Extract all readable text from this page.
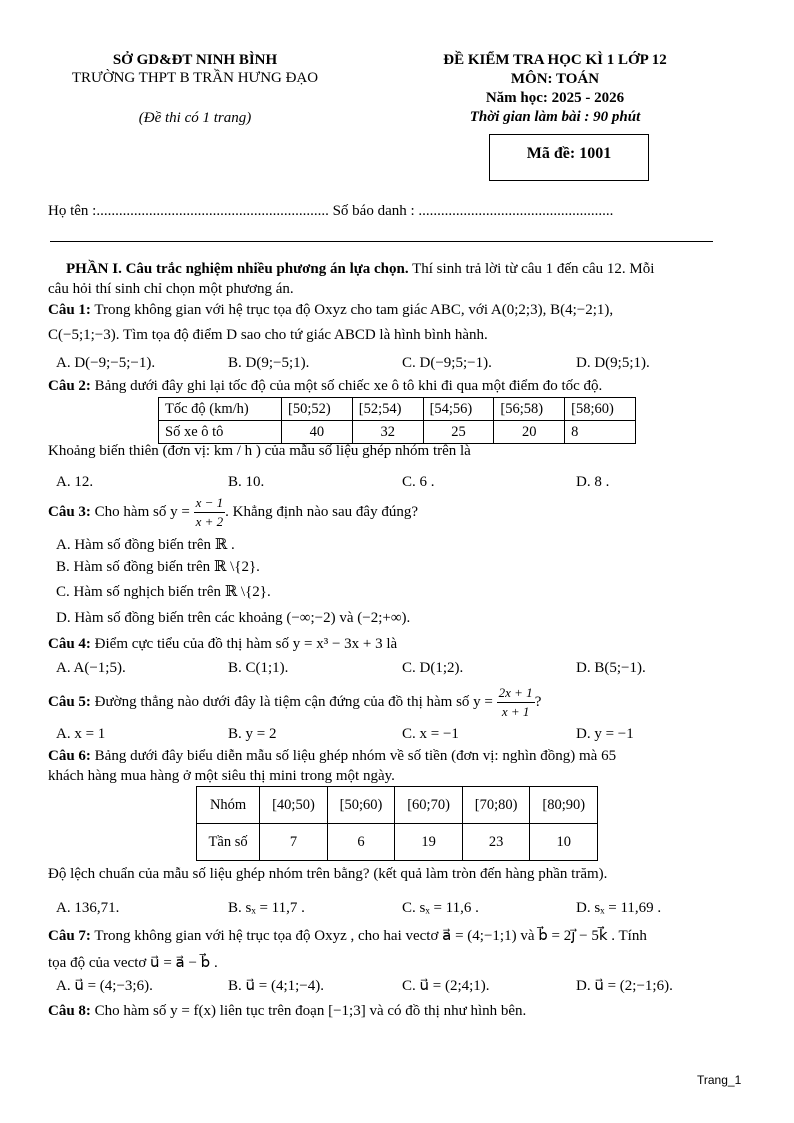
SỞ GD&ĐT NINH BÌNH
TRƯỜNG THPT B TRẦN HƯNG ĐẠO
(Đề thi có 1 trang)
ĐỀ KIỂM TRA HỌC KÌ 1 LỚP 12
MÔN: TOÁN
Năm học: 2025 - 2026
Thời gian làm bài : 90 phút
Mã đề: 1001
Họ tên :.............................................................. Số báo danh : ....................................................
PHẦN I. Câu trắc nghiệm nhiều phương án lựa chọn. Thí sinh trả lời từ câu 1 đến câu 12. Mỗi
câu hỏi thí sinh chỉ chọn một phương án.
Câu 1: Trong không gian với hệ trục tọa độ Oxyz cho tam giác ABC, với A(0;2;3), B(4;−2;1),
C(−5;1;−3). Tìm tọa độ điểm D sao cho tứ giác ABCD là hình bình hành.
A. D(−9;−5;−1).	B. D(9;−5;1).	C. D(−9;5;−1).	D. D(9;5;1).
Câu 2: Bảng dưới đây ghi lại tốc độ của một số chiếc xe ô tô khi đi qua một điểm đo tốc độ.
Tốc độ (km/h)	[50;52)	[52;54)	[54;56)	[56;58)	[58;60)
Số xe ô tô	40	32	25	20	8
Khoảng biến thiên (đơn vị: km / h ) của mẫu số liệu ghép nhóm trên là
A. 12.	B. 10.	C. 6 .	D. 8 .
Câu 3: Cho hàm số $y = \frac{x - 1}{x + 2}$ . Khẳng định nào sau đây đúng?
A. Hàm số đồng biến trên ℝ .
B. Hàm số đồng biến trên ℝ \{2}.
C. Hàm số nghịch biến trên ℝ \{2}.
D. Hàm số đồng biến trên các khoảng (−∞;−2) và (−2;+∞).
Câu 4: Điểm cực tiểu của đồ thị hàm số y = x³ − 3x + 3 là
A. A(−1;5).	B. C(1;1).	C. D(1;2).	D. B(5;−1).
Câu 5: Đường thẳng nào dưới đây là tiệm cận đứng của đồ thị hàm số $y = \frac{2x + 1}{x + 1}$ ?
A. x = 1	B. y = 2	C. x = −1	D. y = −1
Câu 6: Bảng dưới đây biểu diễn mẫu số liệu ghép nhóm về số tiền (đơn vị: nghìn đồng) mà 65
khách hàng mua hàng ở một siêu thị mini trong một ngày.
Nhóm	[40;50)	[50;60)	[60;70)	[70;80)	[80;90)
Tần số	7	6	19	23	10
Độ lệch chuẩn của mẫu số liệu ghép nhóm trên bằng? (kết quả làm tròn đến hàng phần trăm).
A. 136,71.	B. sₓ = 11,7 .	C. sₓ = 11,6 .	D. sₓ = 11,69 .
Câu 7: Trong không gian với hệ trục tọa độ Oxyz , cho hai vectơ a⃗ = (4;−1;1) và b⃗ = 2j⃗ − 5k⃗ . Tính
tọa độ của vectơ u⃗ = a⃗ − b⃗ .
A. u⃗ = (4;−3;6).	B. u⃗ = (4;1;−4).	C. u⃗ = (2;4;1).	D. u⃗ = (2;−1;6).
Câu 8: Cho hàm số y = f(x) liên tục trên đoạn [−1;3] và có đồ thị như hình bên.
Trang_1
